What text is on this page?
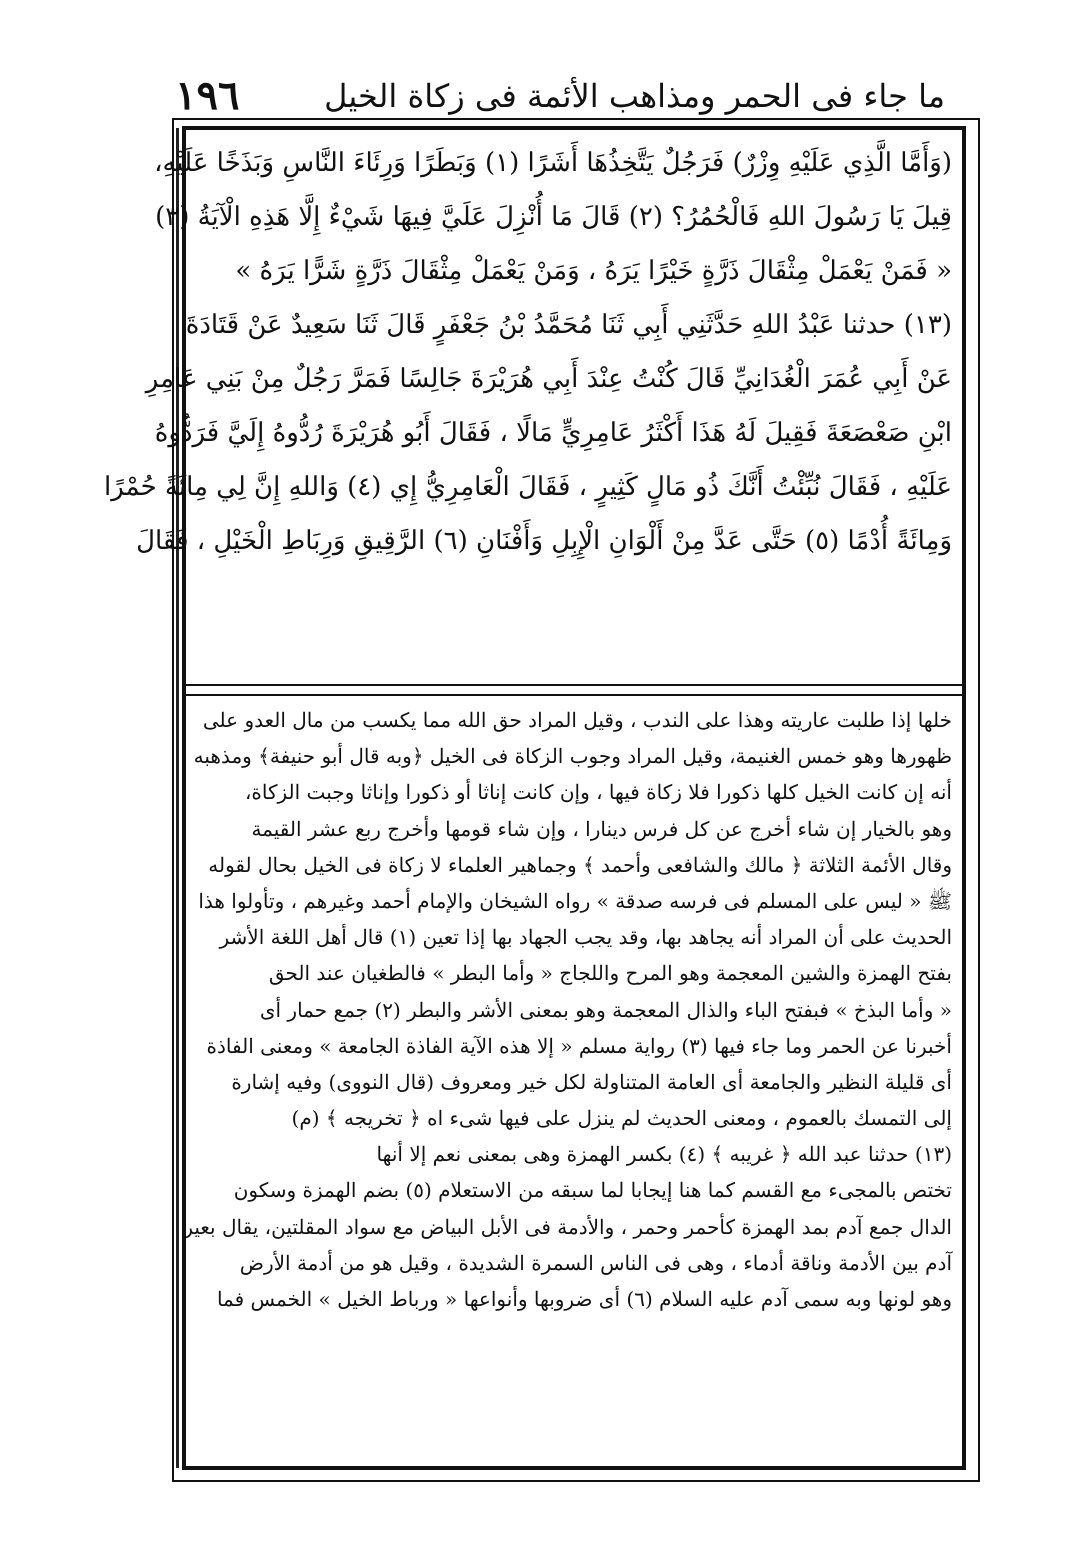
١٩٦	ما جاء فى الحمر ومذاهب الأئمة فى زكاة الخيل
(وَأَمَّا الَّذِي عَلَيْهِ وِزْرٌ) فَرَجُلٌ يَتَّخِذُهَا أَشَرًا (١) وَبَطَرًا وَرِئَاءَ النَّاسِ وَبَذَخًا عَلَيْهِ،
قِيلَ يَا رَسُولَ اللهِ فَالْحُمُرُ؟ (٢) قَالَ مَا أُنْزِلَ عَلَيَّ فِيهَا شَيْءٌ إِلَّا هَذِهِ الْآيَةُ (٣)
« فَمَنْ يَعْمَلْ مِثْقَالَ ذَرَّةٍ خَيْرًا يَرَهُ ، وَمَنْ يَعْمَلْ مِثْقَالَ ذَرَّةٍ شَرًّا يَرَهُ »
(١٣) حدثنا عَبْدُ اللهِ حَدَّثَنِي أَبِي ثَنَا مُحَمَّدُ بْنُ جَعْفَرٍ قَالَ ثَنَا سَعِيدٌ عَنْ قَتَادَةَ
عَنْ أَبِي عُمَرَ الْغُدَانِيِّ قَالَ كُنْتُ عِنْدَ أَبِي هُرَيْرَةَ جَالِسًا فَمَرَّ رَجُلٌ مِنْ بَنِي عَامِرِ
ابْنِ صَعْصَعَةَ فَقِيلَ لَهُ هَذَا أَكْثَرُ عَامِرِيٍّ مَالًا ، فَقَالَ أَبُو هُرَيْرَةَ رُدُّوهُ إِلَيَّ فَرَدُّوهُ
عَلَيْهِ ، فَقَالَ نُبِّئْتُ أَنَّكَ ذُو مَالٍ كَثِيرٍ ، فَقَالَ الْعَامِرِيُّ إِي (٤) وَاللهِ إِنَّ لِي مِائَةً حُمْرًا
وَمِائَةً أُدْمًا (٥) حَتَّى عَدَّ مِنْ أَلْوَانِ الْإِبِلِ وَأَفْنَانِ (٦) الرَّقِيقِ وَرِبَاطِ الْخَيْلِ ، فَقَالَ
خلها إذا طلبت عاريته وهذا على الندب ، وقيل المراد حق الله مما يكسب من مال العدو على
ظهورها وهو خمس الغنيمة، وقيل المراد وجوب الزكاة فى الخيل ﴿وبه قال أبو حنيفة﴾ ومذهبه
أنه إن كانت الخيل كلها ذكورا فلا زكاة فيها ، وإن كانت إناثا أو ذكورا وإناثا وجبت الزكاة،
وهو بالخيار إن شاء أخرج عن كل فرس دينارا ، وإن شاء قومها وأخرج ربع عشر القيمة
وقال الأئمة الثلاثة ﴿ مالك والشافعى وأحمد ﴾ وجماهير العلماء لا زكاة فى الخيل بحال لقوله
ﷺ « ليس على المسلم فى فرسه صدقة » رواه الشيخان والإمام أحمد وغيرهم ، وتأولوا هذا
الحديث على أن المراد أنه يجاهد بها، وقد يجب الجهاد بها إذا تعين (١) قال أهل اللغة الأشر
بفتح الهمزة والشين المعجمة وهو المرح واللجاج « وأما البطر » فالطغيان عند الحق
« وأما البذخ » فبفتح الباء والذال المعجمة وهو بمعنى الأشر والبطر (٢) جمع حمار أى
أخبرنا عن الحمر وما جاء فيها (٣) رواية مسلم « إلا هذه الآية الفاذة الجامعة » ومعنى الفاذة
أى قليلة النظير والجامعة أى العامة المتناولة لكل خير ومعروف (قال النووى) وفيه إشارة
إلى التمسك بالعموم ، ومعنى الحديث لم ينزل على فيها شىء اه ﴿ تخريجه ﴾ (م)
(١٣) حدثنا عبد الله ﴿ غريبه ﴾ (٤) بكسر الهمزة وهى بمعنى نعم إلا أنها
تختص بالمجىء مع القسم كما هنا إيجابا لما سبقه من الاستعلام (٥) بضم الهمزة وسكون
الدال جمع آدم بمد الهمزة كأحمر وحمر ، والأدمة فى الأبل البياض مع سواد المقلتين، يقال بعير
آدم بين الأدمة وناقة أدماء ، وهى فى الناس السمرة الشديدة ، وقيل هو من أدمة الأرض
وهو لونها وبه سمى آدم عليه السلام (٦) أى ضروبها وأنواعها « ورباط الخيل » الخمس فما
